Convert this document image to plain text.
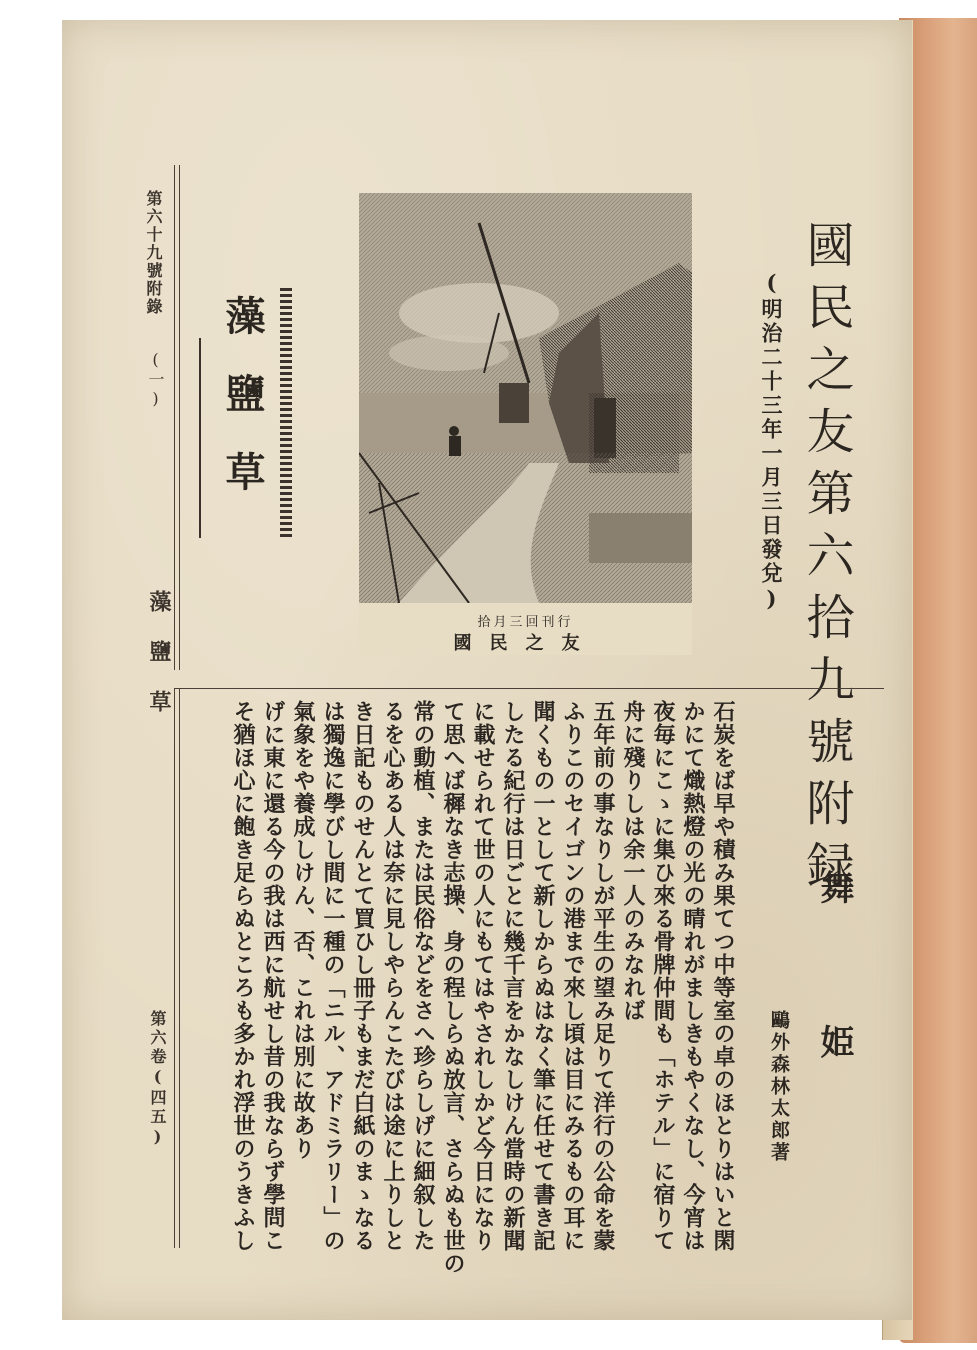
第六十九號附錄

(一) 藻鹽草

拾月三回刊行

國民之友	國民之友第六拾九號附録

(明治二十三年一月三日發兌)

舞姫

鷗外森林太郎著

石炭をば早や積み果てつ中等室の卓のほとりはいと閑

かにて熾熱燈の光の晴れがましきもやくなし、今宵は

夜毎にこゝに集ひ來る骨牌仲間も「ホテル」に宿りて

舟に殘りしは余一人のみなれば

五年前の事なりしが平生の望み足りて洋行の公命を蒙

ふりこのセイゴンの港まで來し頃は目にみるもの耳に

聞くもの一として新しからぬはなく筆に任せて書き記

したる紀行は日ごとに幾千言をかなしけん當時の新聞

に載せられて世の人にもてはやされしかど今日になり

て思へば穉なき志操、身の程しらぬ放言、さらぬも世の

常の動植、または民俗などをさへ珍らしげに細叙した

るを心ある人は奈に見しやらんこたびは途に上りしと

き日記ものせんとて買ひし冊子もまだ白紙のまゝなる

は獨逸に學びし間に一種の「ニル、アドミラリー」の

氣象をや養成しけん、否、これは別に故あり

げに東に還る今の我は西に航せし昔の我ならず學問こ

そ猶ほ心に飽き足らぬところも多かれ浮世のうきふし

藻鹽草

第六卷(四五)
